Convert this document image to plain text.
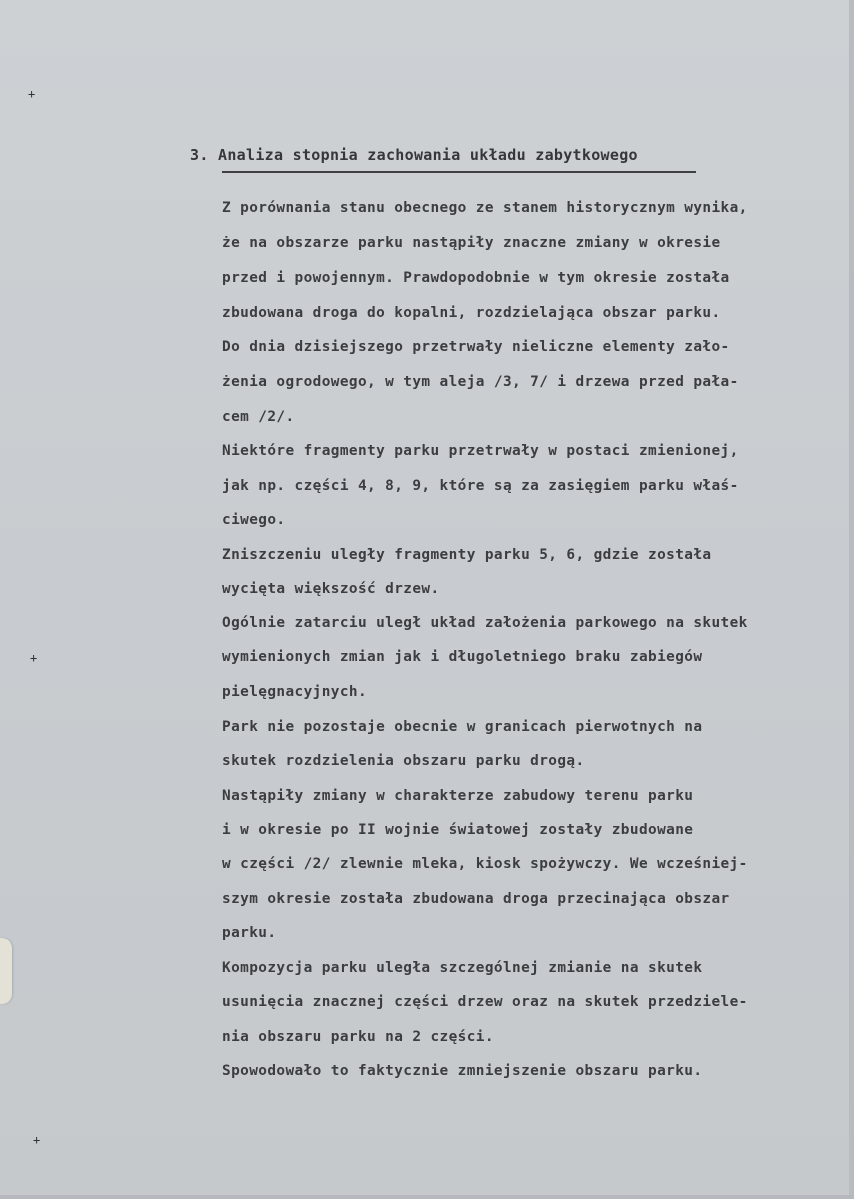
+
+
+
3. Analiza stopnia zachowania układu zabytkowego
Z porównania stanu obecnego ze stanem historycznym wynika,
że na obszarze parku nastąpiły znaczne zmiany w okresie
przed i powojennym. Prawdopodobnie w tym okresie została
zbudowana droga do kopalni, rozdzielająca obszar parku.
Do dnia dzisiejszego przetrwały nieliczne elementy zało-
żenia ogrodowego, w tym aleja /3, 7/ i drzewa przed pała-
cem /2/.
Niektóre fragmenty parku przetrwały w postaci zmienionej,
jak np. części 4, 8, 9, które są za zasięgiem parku właś-
ciwego.
Zniszczeniu uległy fragmenty parku 5, 6, gdzie została
wycięta większość drzew.
Ogólnie zatarciu uległ układ założenia parkowego na skutek
wymienionych zmian jak i długoletniego braku zabiegów
pielęgnacyjnych.
Park nie pozostaje obecnie w granicach pierwotnych na
skutek rozdzielenia obszaru parku drogą.
Nastąpiły zmiany w charakterze zabudowy terenu parku
i w okresie po II wojnie światowej zostały zbudowane
w części /2/ zlewnie mleka, kiosk spożywczy. We wcześniej-
szym okresie została zbudowana droga przecinająca obszar
parku.
Kompozycja parku uległa szczególnej zmianie na skutek
usunięcia znacznej części drzew oraz na skutek przedziele-
nia obszaru parku na 2 części.
Spowodowało to faktycznie zmniejszenie obszaru parku.
